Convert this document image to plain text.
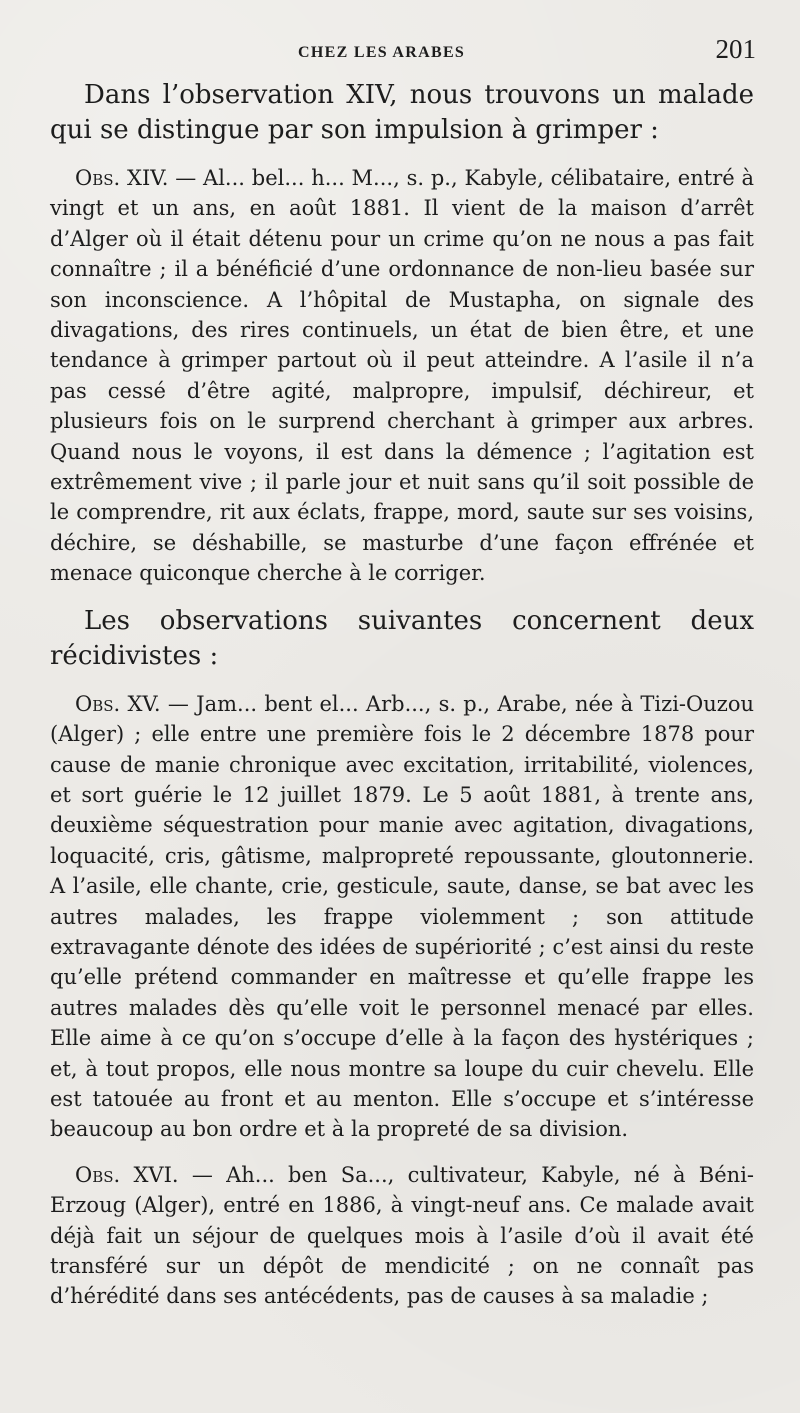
CHEZ LES ARABES	201

Dans l’observation XIV, nous trouvons un malade qui se distingue par son impulsion à grimper :

Obs. XIV. — Al... bel... h... M..., s. p., Kabyle, célibataire, entré à vingt et un ans, en août 1881. Il vient de la maison d’arrêt d’Alger où il était détenu pour un crime qu’on ne nous a pas fait connaître ; il a bénéficié d’une ordonnance de non-lieu basée sur son inconscience. A l’hôpital de Mustapha, on signale des divagations, des rires continuels, un état de bien être, et une tendance à grimper partout où il peut atteindre. A l’asile il n’a pas cessé d’être agité, malpropre, impulsif, déchireur, et plusieurs fois on le surprend cherchant à grimper aux arbres. Quand nous le voyons, il est dans la démence ; l’agitation est extrêmement vive ; il parle jour et nuit sans qu’il soit possible de le comprendre, rit aux éclats, frappe, mord, saute sur ses voisins, déchire, se déshabille, se masturbe d’une façon effrénée et menace quiconque cherche à le corriger.

Les observations suivantes concernent deux récidivistes :

Obs. XV. — Jam... bent el... Arb..., s. p., Arabe, née à Tizi-Ouzou (Alger) ; elle entre une première fois le 2 décembre 1878 pour cause de manie chronique avec excitation, irritabilité, violences, et sort guérie le 12 juillet 1879. Le 5 août 1881, à trente ans, deuxième séquestration pour manie avec agitation, divagations, loquacité, cris, gâtisme, malpropreté repoussante, gloutonnerie. A l’asile, elle chante, crie, gesticule, saute, danse, se bat avec les autres malades, les frappe violemment ; son attitude extravagante dénote des idées de supériorité ; c’est ainsi du reste qu’elle prétend commander en maîtresse et qu’elle frappe les autres malades dès qu’elle voit le personnel menacé par elles. Elle aime à ce qu’on s’occupe d’elle à la façon des hystériques ; et, à tout propos, elle nous montre sa loupe du cuir chevelu. Elle est tatouée au front et au menton. Elle s’occupe et s’intéresse beaucoup au bon ordre et à la propreté de sa division.

Obs. XVI. — Ah... ben Sa..., cultivateur, Kabyle, né à Béni-Erzoug (Alger), entré en 1886, à vingt-neuf ans. Ce malade avait déjà fait un séjour de quelques mois à l’asile d’où il avait été transféré sur un dépôt de mendicité ; on ne connaît pas d’hérédité dans ses antécédents, pas de causes à sa maladie ;
